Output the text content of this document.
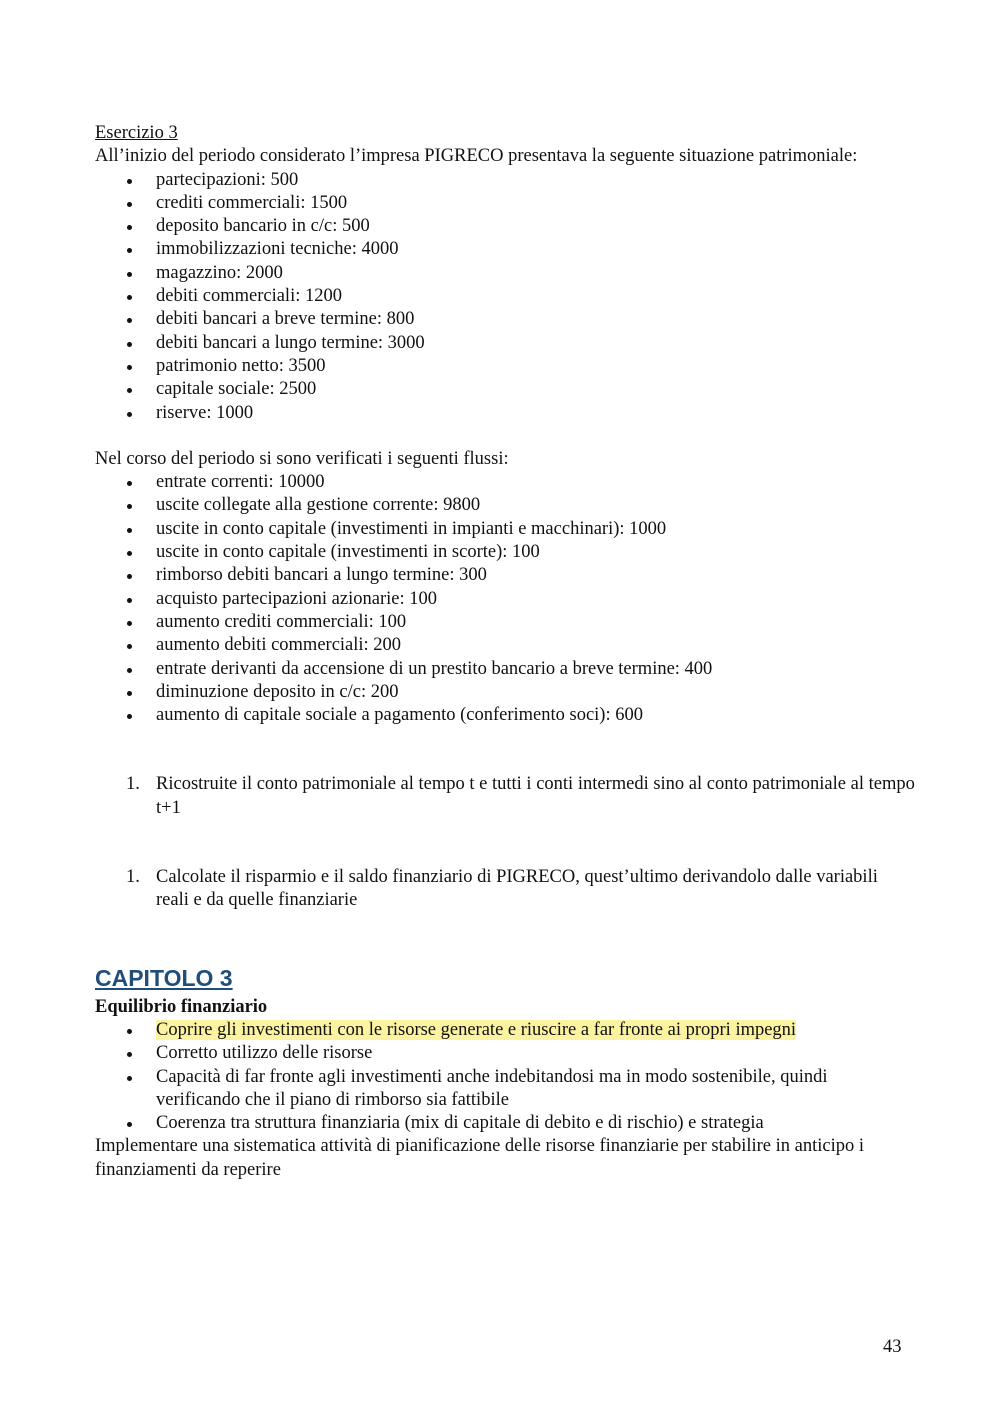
Esercizio 3

All’inizio del periodo considerato l’impresa PIGRECO presentava la seguente situazione patrimoniale:

partecipazioni: 500
crediti commerciali: 1500
deposito bancario in c/c: 500
immobilizzazioni tecniche: 4000
magazzino: 2000
debiti commerciali: 1200
debiti bancari a breve termine: 800
debiti bancari a lungo termine: 3000
patrimonio netto: 3500
capitale sociale: 2500
riserve: 1000

Nel corso del periodo si sono verificati i seguenti flussi:

entrate correnti: 10000
uscite collegate alla gestione corrente: 9800
uscite in conto capitale (investimenti in impianti e macchinari): 1000
uscite in conto capitale (investimenti in scorte): 100
rimborso debiti bancari a lungo termine: 300
acquisto partecipazioni azionarie: 100
aumento crediti commerciali: 100
aumento debiti commerciali: 200
entrate derivanti da accensione di un prestito bancario a breve termine: 400
diminuzione deposito in c/c: 200
aumento di capitale sociale a pagamento (conferimento soci): 600
1. Ricostruite il conto patrimoniale al tempo t e tutti i conti intermedi sino al conto patrimoniale al tempo t+1
1. Calcolate il risparmio e il saldo finanziario di PIGRECO, quest’ultimo derivandolo dalle variabili reali e da quelle finanziarie
CAPITOLO 3

Equilibrio finanziario

Coprire gli investimenti con le risorse generate e riuscire a far fronte ai propri impegni
Corretto utilizzo delle risorse
Capacità di far fronte agli investimenti anche indebitandosi ma in modo sostenibile, quindi verificando che il piano di rimborso sia fattibile
Coerenza tra struttura finanziaria (mix di capitale di debito e di rischio) e strategia

Implementare una sistematica attività di pianificazione delle risorse finanziarie per stabilire in anticipo i finanziamenti da reperire

43
